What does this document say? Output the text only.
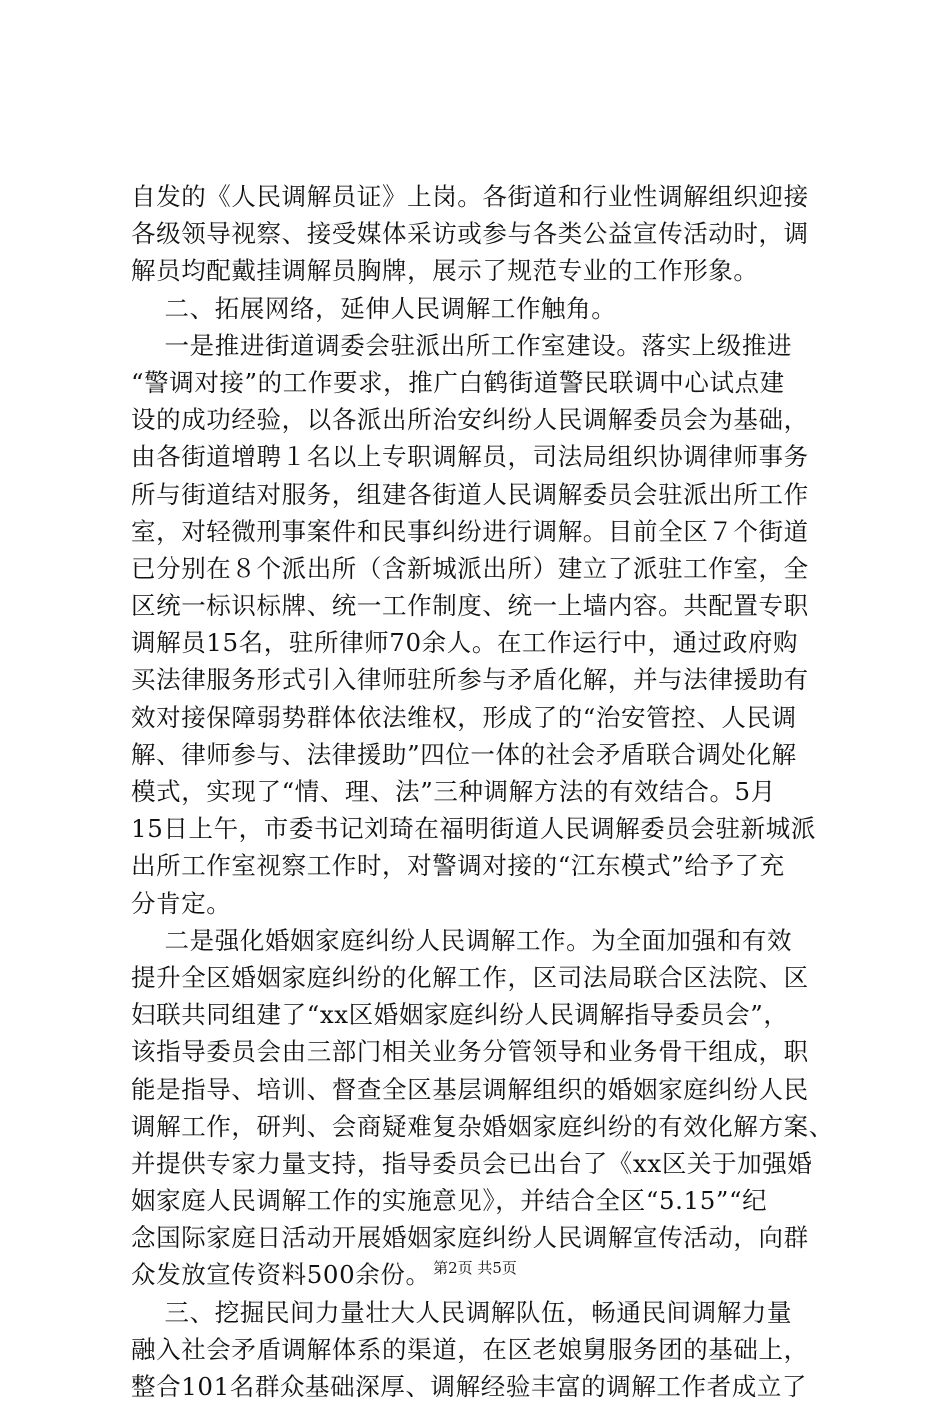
自发的《人民调解员证》上岗。各街道和行业性调解组织迎接
各级领导视察、接受媒体采访或参与各类公益宣传活动时，调
解员均配戴挂调解员胸牌，展示了规范专业的工作形象。
二、拓展网络，延伸人民调解工作触角。
一是推进街道调委会驻派出所工作室建设。落实上级推进
“警调对接”的工作要求，推广白鹤街道警民联调中心试点建
设的成功经验，以各派出所治安纠纷人民调解委员会为基础，
由各街道增聘１名以上专职调解员，司法局组织协调律师事务
所与街道结对服务，组建各街道人民调解委员会驻派出所工作
室，对轻微刑事案件和民事纠纷进行调解。目前全区７个街道
已分别在８个派出所（含新城派出所）建立了派驻工作室，全
区统一标识标牌、统一工作制度、统一上墙内容。共配置专职
调解员15名，驻所律师70余人。在工作运行中，通过政府购
买法律服务形式引入律师驻所参与矛盾化解，并与法律援助有
效对接保障弱势群体依法维权，形成了的“治安管控、人民调
解、律师参与、法律援助”四位一体的社会矛盾联合调处化解
模式，实现了“情、理、法”三种调解方法的有效结合。5月
15日上午，市委书记刘琦在福明街道人民调解委员会驻新城派
出所工作室视察工作时，对警调对接的“江东模式”给予了充
分肯定。
二是强化婚姻家庭纠纷人民调解工作。为全面加强和有效
提升全区婚姻家庭纠纷的化解工作，区司法局联合区法院、区
妇联共同组建了“xx区婚姻家庭纠纷人民调解指导委员会”，
该指导委员会由三部门相关业务分管领导和业务骨干组成，职
能是指导、培训、督查全区基层调解组织的婚姻家庭纠纷人民
调解工作，研判、会商疑难复杂婚姻家庭纠纷的有效化解方案、
并提供专家力量支持，指导委员会已出台了《xx区关于加强婚
姻家庭人民调解工作的实施意见》，并结合全区“5.15”“纪
念国际家庭日活动开展婚姻家庭纠纷人民调解宣传活动，向群
众发放宣传资料500余份。
三、挖掘民间力量壮大人民调解队伍，畅通民间调解力量
融入社会矛盾调解体系的渠道，在区老娘舅服务团的基础上，
整合101名群众基础深厚、调解经验丰富的调解工作者成立了
第2页 共5页
